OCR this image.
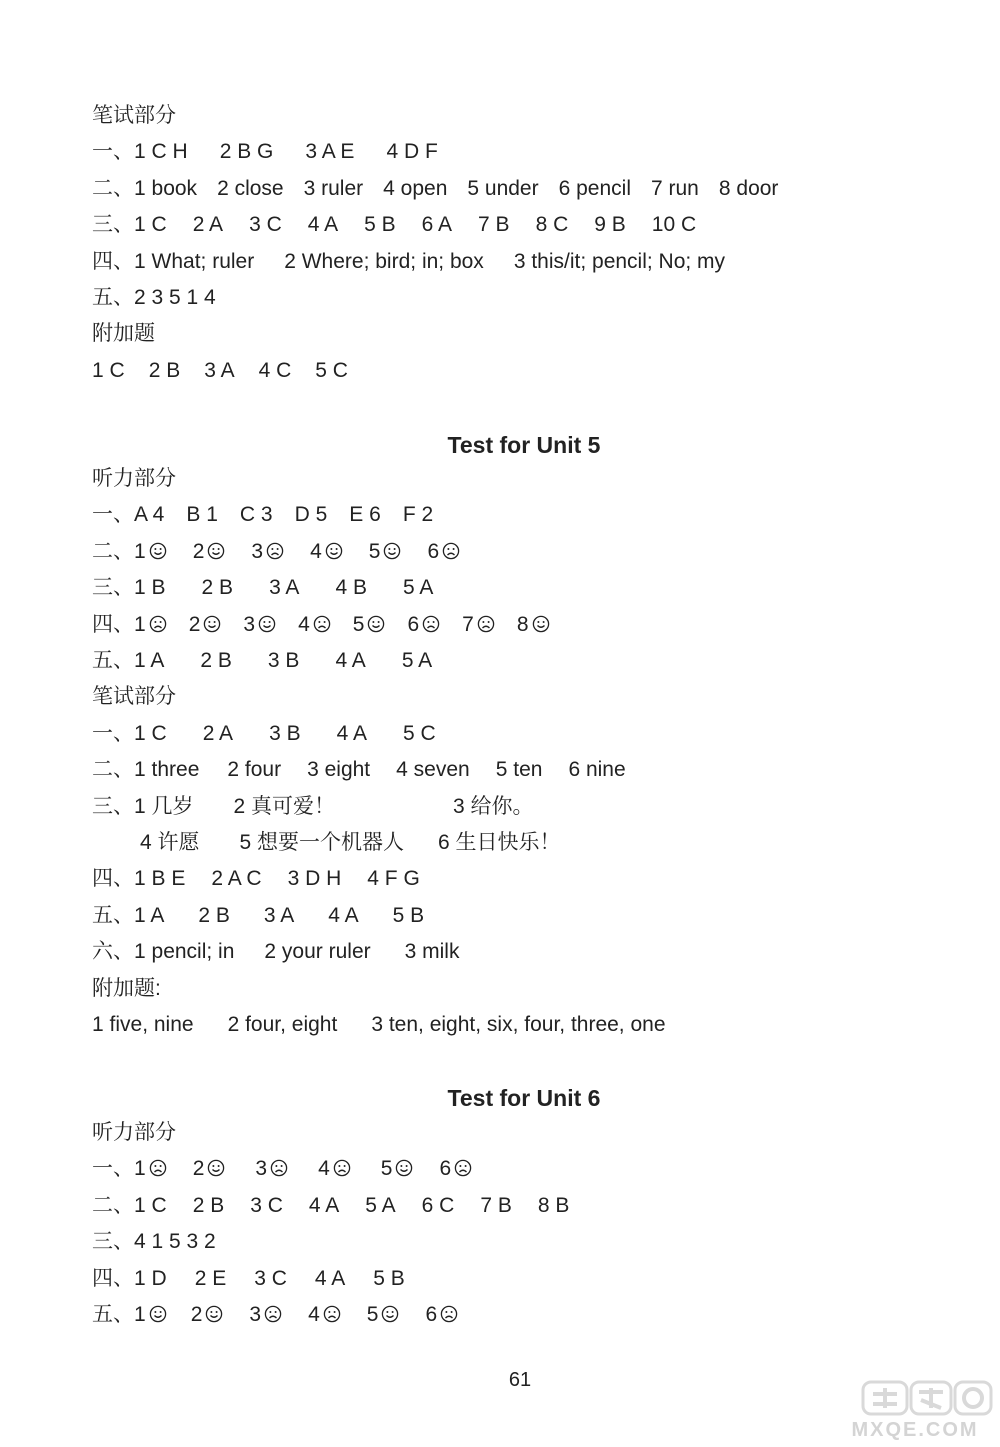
笔试部分
一、1 C H 2 B G 3 A E 4 D F
二、1 book 2 close 3 ruler 4 open 5 under 6 pencil 7 run 8 door
三、1 C 2 A 3 C 4 A 5 B 6 A 7 B 8 C 9 B 10 C
四、1 What; ruler 2 Where; bird; in; box 3 this/it; pencil; No; my
五、2 3 5 1 4
附加题
1 C 2 B 3 A 4 C 5 C
Test for Unit 5
听力部分
一、A 4 B 1 C 3 D 5 E 6 F 2
二、1 2 3 4 5 6
三、1 B 2 B 3 A 4 B 5 A
四、1 2 3 4 5 6 7 8
五、1 A 2 B 3 B 4 A 5 A
笔试部分
一、1 C 2 A 3 B 4 A 5 C
二、1 three 2 four 3 eight 4 seven 5 ten 6 nine
三、1 几岁 2 真可爱！	3 给你。
4 许愿 5 想要一个机器人 6 生日快乐！
四、1 B E 2 A C 3 D H 4 F G
五、1 A 2 B 3 A 4 A 5 B
六、1 pencil; in 2 your ruler 3 milk
附加题:
1 five, nine 2 four, eight 3 ten, eight, six, four, three, one
Test for Unit 6
听力部分
一、1 2 3 4 5 6
二、1 C 2 B 3 C 4 A 5 A 6 C 7 B 8 B
三、4 1 5 3 2
四、1 D 2 E 3 C 4 A 5 B
五、1 2 3 4 5 6
61
MXQE.COM
